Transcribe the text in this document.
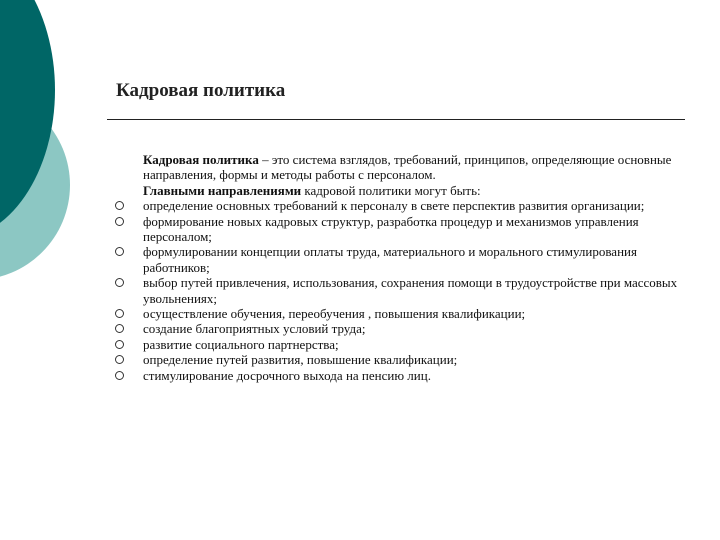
Кадровая политика

Кадровая политика – это система взглядов, требований, принципов, определяющие основные направления, формы и методы работы с персоналом.

Главными направлениями кадровой политики могут быть:

определение основных требований к персоналу в свете перспектив развития организации;
формирование новых кадровых структур, разработка процедур и механизмов управления персоналом;
формулировании концепции оплаты труда, материального и морального стимулирования работников;
выбор путей привлечения, использования, сохранения помощи в трудоустройстве при массовых увольнениях;
осуществление обучения, переобучения , повышения квалификации;
создание благоприятных условий труда;
развитие социального партнерства;
определение путей развития, повышение квалификации;
стимулирование досрочного выхода на пенсию лиц.
